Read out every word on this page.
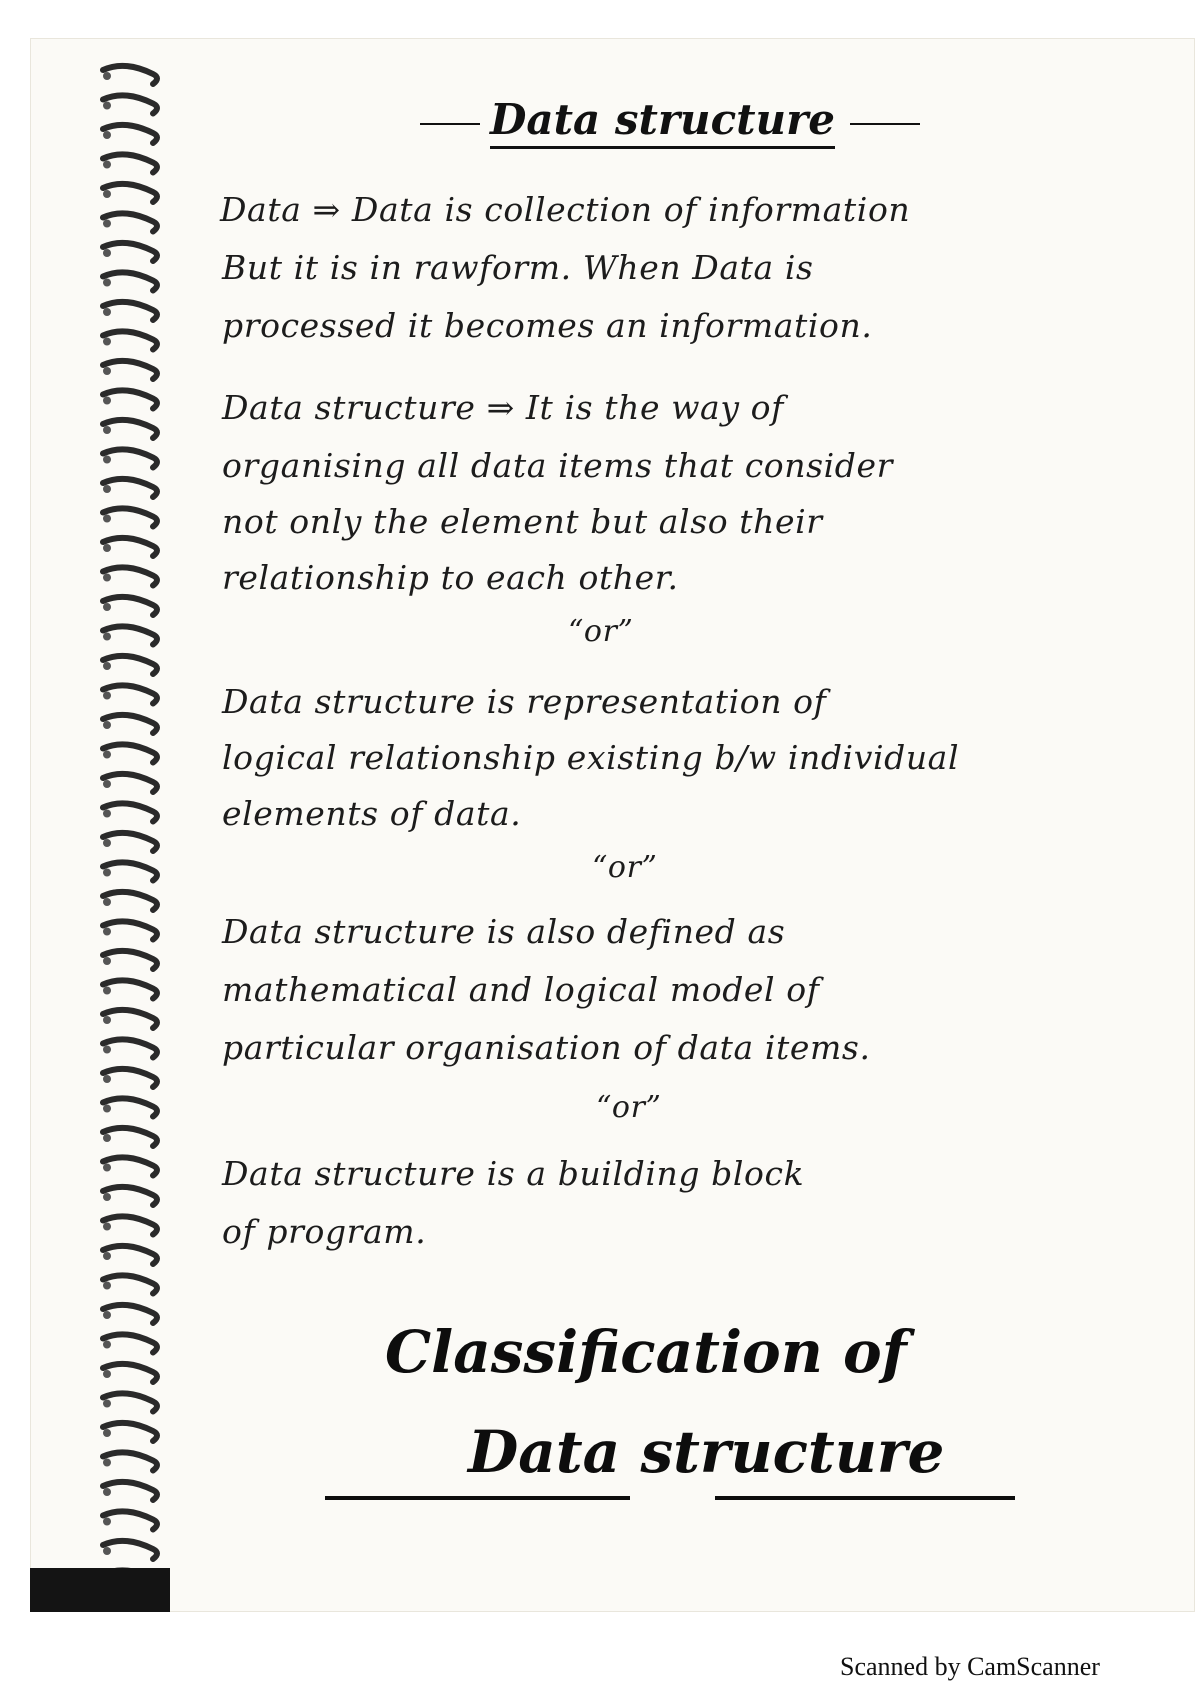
Data structure
Data ⇒ Data is collection of information
But it is in rawform. When Data is
processed it becomes an information.
Data structure ⇒ It is the way of
organising all data items that consider
not only the element but also their
relationship to each other.
“or”
Data structure is representation of
logical relationship existing b/w individual
elements of data.
“or”
Data structure is also defined as
mathematical and logical model of
particular organisation of data items.
“or”
Data structure is a building block
of program.
Classification of
Data structure
Scanned by CamScanner
